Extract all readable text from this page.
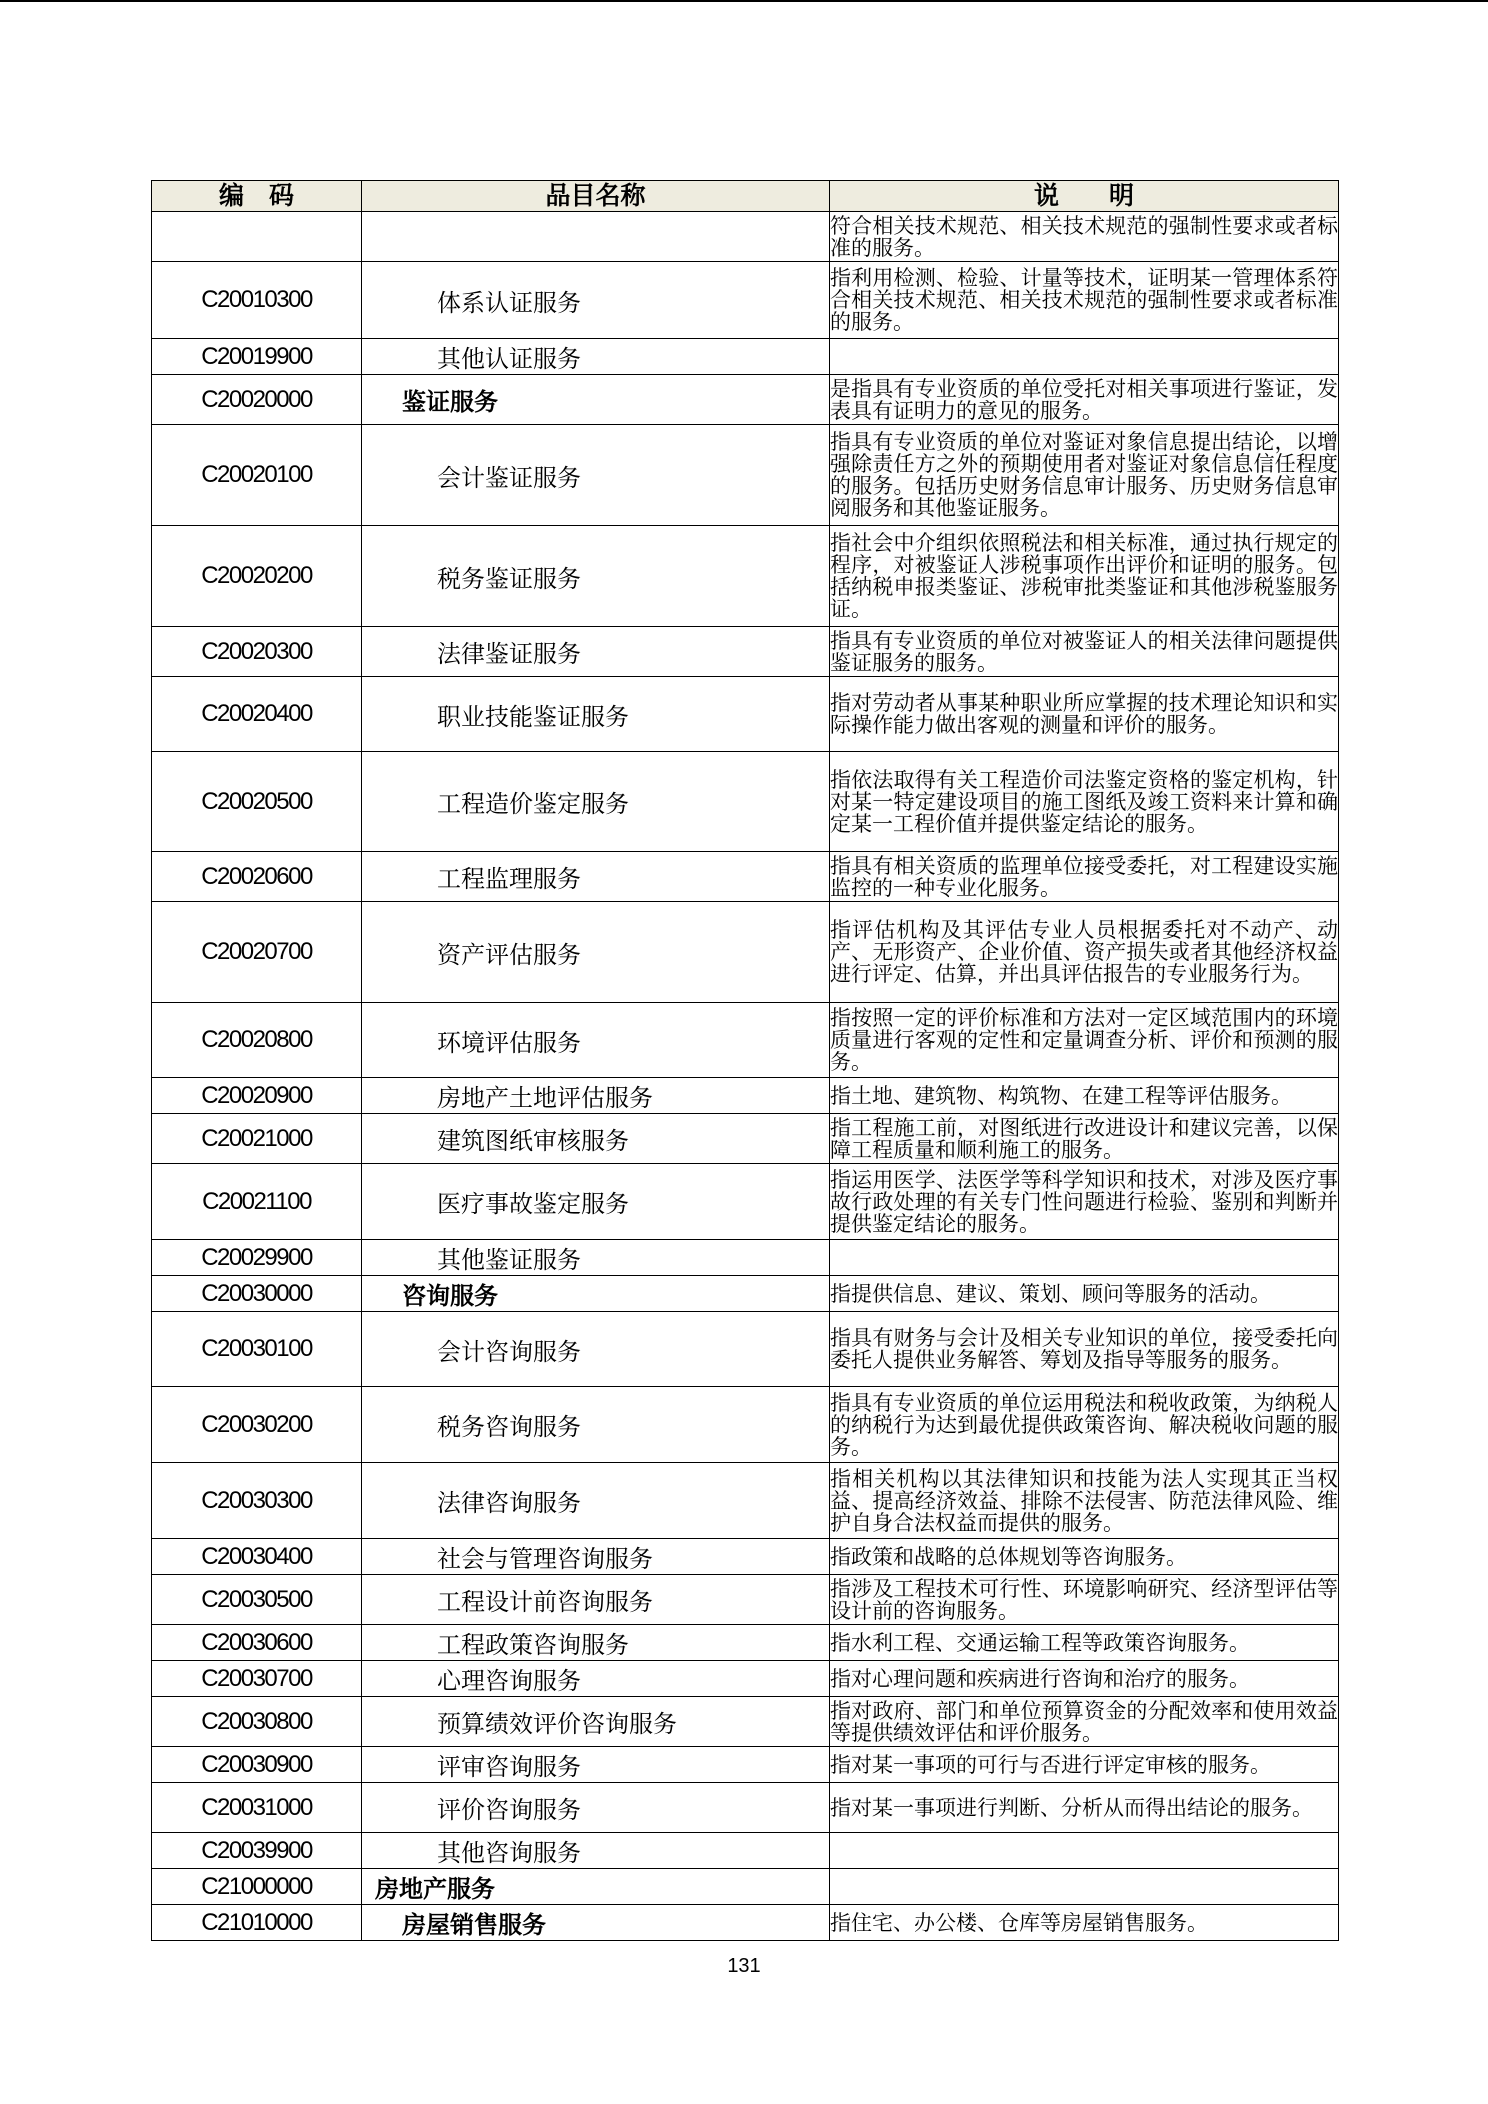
编　码	品目名称	说　　明
		符合相关技术规范、相关技术规范的强制性要求或者标准的服务。
C20010300	体系认证服务	指利用检测、检验、计量等技术，证明某一管理体系符合相关技术规范、相关技术规范的强制性要求或者标准的服务。
C20019900	其他认证服务	
C20020000	鉴证服务	是指具有专业资质的单位受托对相关事项进行鉴证，发表具有证明力的意见的服务。
C20020100	会计鉴证服务	指具有专业资质的单位对鉴证对象信息提出结论，以增强除责任方之外的预期使用者对鉴证对象信息信任程度的服务。包括历史财务信息审计服务、历史财务信息审阅服务和其他鉴证服务。
C20020200	税务鉴证服务	指社会中介组织依照税法和相关标准，通过执行规定的程序，对被鉴证人涉税事项作出评价和证明的服务。包括纳税申报类鉴证、涉税审批类鉴证和其他涉税鉴服务证。
C20020300	法律鉴证服务	指具有专业资质的单位对被鉴证人的相关法律问题提供鉴证服务的服务。
C20020400	职业技能鉴证服务	指对劳动者从事某种职业所应掌握的技术理论知识和实际操作能力做出客观的测量和评价的服务。
C20020500	工程造价鉴定服务	指依法取得有关工程造价司法鉴定资格的鉴定机构，针对某一特定建设项目的施工图纸及竣工资料来计算和确定某一工程价值并提供鉴定结论的服务。
C20020600	工程监理服务	指具有相关资质的监理单位接受委托，对工程建设实施监控的一种专业化服务。
C20020700	资产评估服务	指评估机构及其评估专业人员根据委托对不动产、动产、无形资产、企业价值、资产损失或者其他经济权益进行评定、估算，并出具评估报告的专业服务行为。
C20020800	环境评估服务	指按照一定的评价标准和方法对一定区域范围内的环境质量进行客观的定性和定量调查分析、评价和预测的服务。
C20020900	房地产土地评估服务	指土地、建筑物、构筑物、在建工程等评估服务。
C20021000	建筑图纸审核服务	指工程施工前，对图纸进行改进设计和建议完善，以保障工程质量和顺利施工的服务。
C20021100	医疗事故鉴定服务	指运用医学、法医学等科学知识和技术，对涉及医疗事故行政处理的有关专门性问题进行检验、鉴别和判断并提供鉴定结论的服务。
C20029900	其他鉴证服务	
C20030000	咨询服务	指提供信息、建议、策划、顾问等服务的活动。
C20030100	会计咨询服务	指具有财务与会计及相关专业知识的单位，接受委托向委托人提供业务解答、筹划及指导等服务的服务。
C20030200	税务咨询服务	指具有专业资质的单位运用税法和税收政策，为纳税人的纳税行为达到最优提供政策咨询、解决税收问题的服务。
C20030300	法律咨询服务	指相关机构以其法律知识和技能为法人实现其正当权益、提高经济效益、排除不法侵害、防范法律风险、维护自身合法权益而提供的服务。
C20030400	社会与管理咨询服务	指政策和战略的总体规划等咨询服务。
C20030500	工程设计前咨询服务	指涉及工程技术可行性、环境影响研究、经济型评估等设计前的咨询服务。
C20030600	工程政策咨询服务	指水利工程、交通运输工程等政策咨询服务。
C20030700	心理咨询服务	指对心理问题和疾病进行咨询和治疗的服务。
C20030800	预算绩效评价咨询服务	指对政府、部门和单位预算资金的分配效率和使用效益等提供绩效评估和评价服务。
C20030900	评审咨询服务	指对某一事项的可行与否进行评定审核的服务。
C20031000	评价咨询服务	指对某一事项进行判断、分析从而得出结论的服务。
C20039900	其他咨询服务	
C21000000	房地产服务	
C21010000	房屋销售服务	指住宅、办公楼、仓库等房屋销售服务。
131
